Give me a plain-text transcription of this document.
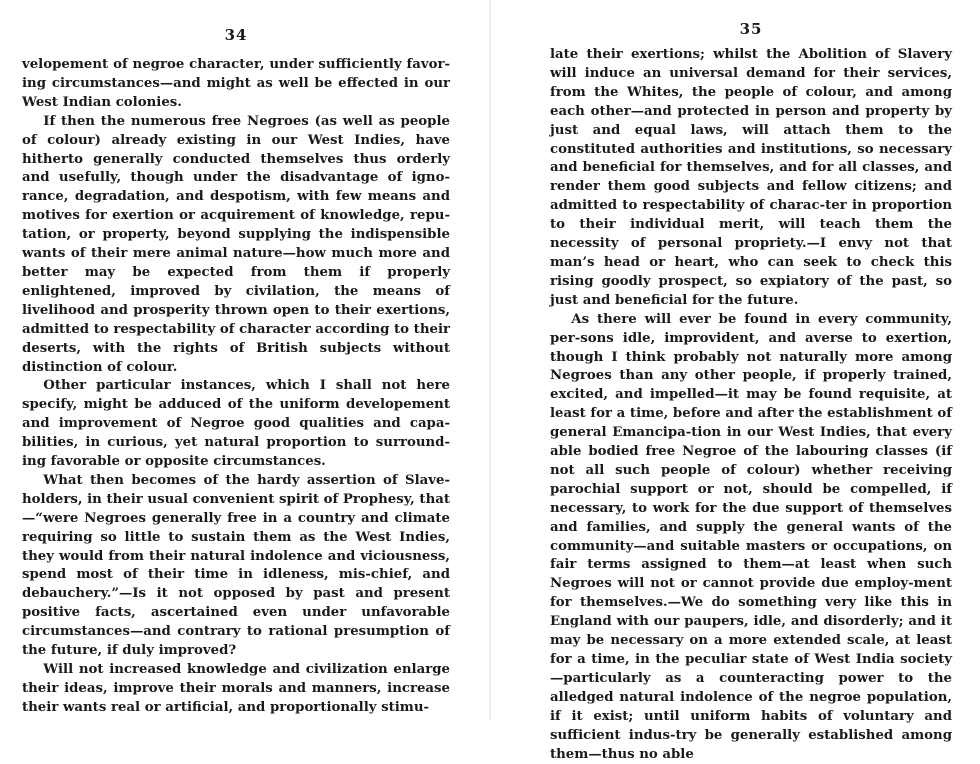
34

velopement of negroe character, under sufficiently favor-ing circumstances—and might as well be effected in our West Indian colonies.

If then the numerous free Negroes (as well as people of colour) already existing in our West Indies, have hitherto generally conducted themselves thus orderly and usefully, though under the disadvantage of igno-rance, degradation, and despotism, with few means and motives for exertion or acquirement of knowledge, repu-tation, or property, beyond supplying the indispensible wants of their mere animal nature—how much more and better may be expected from them if properly enlightened, improved by civilation, the means of livelihood and prosperity thrown open to their exertions, admitted to respectability of character according to their deserts, with the rights of British subjects without distinction of colour.

Other particular instances, which I shall not here specify, might be adduced of the uniform developement and improvement of Negroe good qualities and capa-bilities, in curious, yet natural proportion to surround-ing favorable or opposite circumstances.

What then becomes of the hardy assertion of Slave-holders, in their usual convenient spirit of Prophesy, that—“were Negroes generally free in a country and climate requiring so little to sustain them as the West Indies, they would from their natural indolence and viciousness, spend most of their time in idleness, mis-chief, and debauchery.”—Is it not opposed by past and present positive facts, ascertained even under unfavorable circumstances—and contrary to rational presumption of the future, if duly improved?

Will not increased knowledge and civilization enlarge their ideas, improve their morals and manners, increase their wants real or artificial, and proportionally stimu-

35

late their exertions; whilst the Abolition of Slavery will induce an universal demand for their services, from the Whites, the people of colour, and among each other—and protected in person and property by just and equal laws, will attach them to the constituted authorities and institutions, so necessary and beneficial for themselves, and for all classes, and render them good subjects and fellow citizens; and admitted to respectability of charac-ter in proportion to their individual merit, will teach them the necessity of personal propriety.—I envy not that man’s head or heart, who can seek to check this rising goodly prospect, so expiatory of the past, so just and beneficial for the future.

As there will ever be found in every community, per-sons idle, improvident, and averse to exertion, though I think probably not naturally more among Negroes than any other people, if properly trained, excited, and impelled—it may be found requisite, at least for a time, before and after the establishment of general Emancipa-tion in our West Indies, that every able bodied free Negroe of the labouring classes (if not all such people of colour) whether receiving parochial support or not, should be compelled, if necessary, to work for the due support of themselves and families, and supply the general wants of the community—and suitable masters or occupations, on fair terms assigned to them—at least when such Negroes will not or cannot provide due employ-ment for themselves.—We do something very like this in England with our paupers, idle, and disorderly; and it may be necessary on a more extended scale, at least for a time, in the peculiar state of West India society—particularly as a counteracting power to the alledged natural indolence of the negroe population, if it exist; until uniform habits of voluntary and sufficient indus-try be generally established among them—thus no able
